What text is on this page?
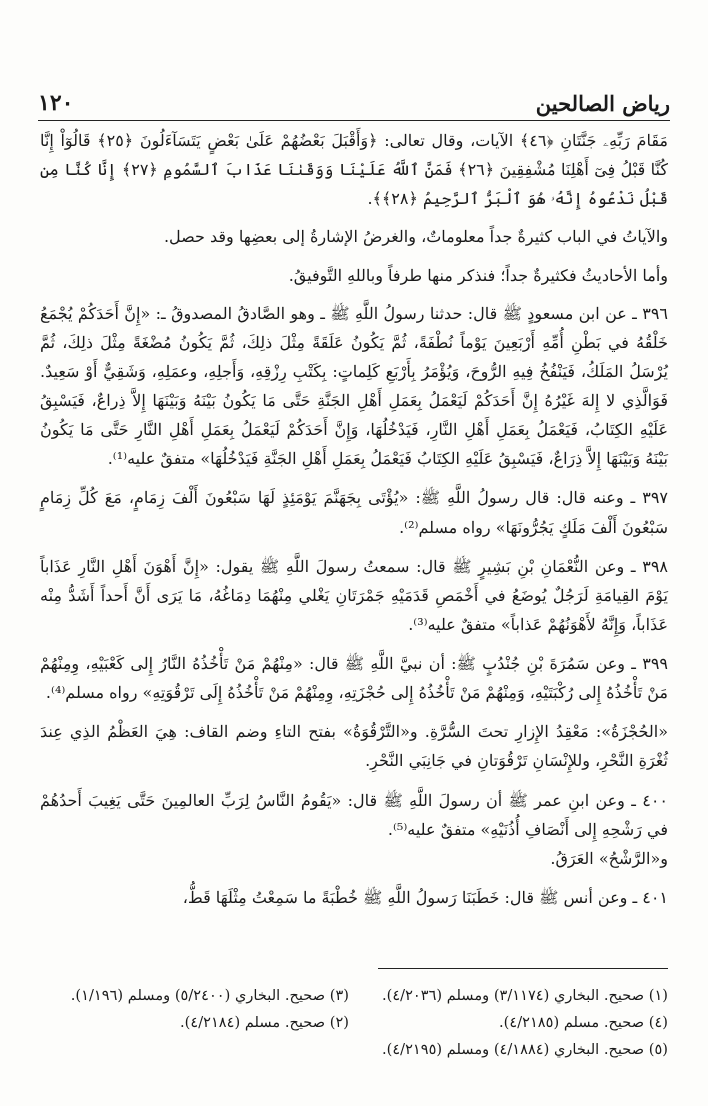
رياض الصالحين
١٢٠

مَقَامَ رَبِّهِۦ جَنَّتَانِ ﴿٤٦﴾ الآيات، وقال تعالى: ﴿وَأَقْبَلَ بَعْضُهُمْ عَلَىٰ بَعْضٍ يَتَسَآءَلُونَ ﴿٢٥﴾ قَالُوٓاْ إِنَّا كُنَّا قَبْلُ فِىٓ أَهْلِنَا مُشْفِقِينَ ﴿٢٦﴾ فَمَنَّ ٱللَّهُ عَلَيْنَا وَوَقَىٰنَا عَذَابَ ٱلسَّمُومِ ﴿٢٧﴾ إِنَّا كُنَّا مِن قَبْلُ نَدْعُوهُ إِنَّهُۥ هُوَ ٱلْبَرُّ ٱلرَّحِيمُ ﴿٢٨﴾﴾.

والآياتُ في الباب كثيرةٌ جداً معلوماتٌ، والغرضُ الإشارةُ إلى بعضِها وقد حصل.

وأما الأحاديثُ فكثيرةٌ جداً؛ فنذكر منها طرفاً وباللهِ التَّوفيقُ.

٣٩٦ ـ عن ابن مسعودٍ ﷺ قال: حدثنا رسولُ اللَّهِ ﷺ ـ وهو الصَّادقُ المصدوقُ ـ: «إِنَّ أَحَدَكُمْ يُجْمَعُ خَلْقُهُ في بَطْنِ أُمِّهِ أَرْبَعِينَ يَوْماً نُطْفَةً، ثُمَّ يَكُونُ عَلَقَةً مِثْلَ ذلِكَ، ثُمَّ يَكُونُ مُضْغَةً مِثْلَ ذلِكَ، ثُمَّ يُرْسَلُ المَلَكُ، فَيَنْفُخُ فِيهِ الرُّوحَ، وَيُؤْمَرُ بِأَرْبَعِ كَلِماتٍ: بِكَتْبِ رِزْقِهِ، وَأَجلِهِ، وعمَلِهِ، وَشَقِيٌّ أَوْ سَعِيدٌ. فَوَالَّذِي لا إِلهَ غَيْرُهُ إِنَّ أَحَدَكُمْ لَيَعْمَلُ بِعَمَلِ أَهْلِ الجَنَّةِ حَتَّى مَا يَكُونُ بَيْنَهُ وَبَيْنَهَا إِلاَّ ذِراعٌ، فَيَسْبِقُ عَلَيْهِ الكِتَابُ، فَيَعْمَلُ بِعَمَلِ أَهْلِ النَّارِ، فَيَدْخُلُهَا، وَإِنَّ أَحَدَكُمْ لَيَعْمَلُ بِعَمَلِ أَهْلِ النَّارِ حَتَّى مَا يَكُونُ بَيْنَهُ وَبَيْنَهَا إِلاَّ ذِرَاعٌ، فَيَسْبِقُ عَلَيْهِ الكِتَابُ فَيَعْمَلُ بِعَمَلِ أَهْلِ الجَنَّةِ فَيَدْخُلُهَا» متفقٌ عليه⁽¹⁾.

٣٩٧ ـ وعنه قال: قال رسولُ اللَّهِ ﷺ: «يُؤْتَى بِجَهَنَّمَ يَوْمَئِذٍ لَهَا سَبْعُونَ أَلْفَ زِمَامٍ، مَعَ كُلِّ زِمَامٍ سَبْعُونَ أَلْفَ مَلَكٍ يَجُرُّونَهَا» رواه مسلم⁽²⁾.

٣٩٨ ـ وعن النُّعْمَانِ بْنِ بَشِيرٍ ﷺ قال: سمعتُ رسولَ اللَّهِ ﷺ يقول: «إِنَّ أَهْوَنَ أَهْلِ النَّارِ عَذَاباً يَوْمَ القِيامَةِ لَرَجُلٌ يُوضَعُ في أَخْمَصِ قَدَمَيْهِ جَمْرَتَانِ يَغْلي مِنْهُمَا دِمَاغُهُ، مَا يَرَى أَنَّ أَحداً أَشَدُّ مِنْه عَذَاباً، وَإِنَّهُ لأَهْوَنُهُمْ عَذاباً» متفقٌ عليه⁽³⁾.

٣٩٩ ـ وعن سَمُرَةَ بْنِ جُنْدُبٍ ﷺ: أن نبيَّ اللَّهِ ﷺ قال: «مِنْهُمْ مَنْ تَأْخُذُهُ النَّارُ إِلى كَعْبَيْهِ، وِمِنْهُمْ مَنْ تَأْخُذُهُ إِلى رُكْبَتَيْهِ، وَمِنْهُمْ مَنْ تَأْخُذُهُ إِلى حُجْزَتِهِ، وِمِنْهُمْ مَنْ تَأْخُذُهُ إِلَى تَرْقُوَتِهِ» رواه مسلم⁽⁴⁾.

«الحُجْزَةُ»: مَعْقِدُ الإِزارِ تحتَ السُّرَّةِ. و«التَّرْقُوَةُ» بفتح التاءِ وضم القاف: هِيَ العَظْمُ الذِي عِندَ ثُغْرَةِ النَّحْرِ، وللإِنْسَانِ تَرْقُوَتانِ في جَانِبَي النَّحْرِ.

٤٠٠ ـ وعن ابنِ عمر ﷺ أن رسولَ اللَّهِ ﷺ قال: «يَقُومُ النَّاسُ لِرَبِّ العالمِينَ حَتَّى يَغِيبَ أَحدُهُمْ في رَشْحِهِ إِلى أَنْصَافِ أُذُنَيْهِ» متفقٌ عليه⁽⁵⁾.

و«الرَّشْحُ» العَرَقُ.

٤٠١ ـ وعن أنس ﷺ قال: خَطَبَنَا رَسولُ اللَّهِ ﷺ خُطْبَةً ما سَمِعْتُ مِثْلَهَا قَطُّ،

(١) صحيح. البخاري (٣/١١٧٤) ومسلم (٤/٢٠٣٦).
(٣) صحيح. البخاري (٥/٢٤٠٠) ومسلم (١/١٩٦).
(٤) صحيح. مسلم (٤/٢١٨٥).
(٢) صحيح. مسلم (٤/٢١٨٤).
(٥) صحيح. البخاري (٤/١٨٨٤) ومسلم (٤/٢١٩٥).
